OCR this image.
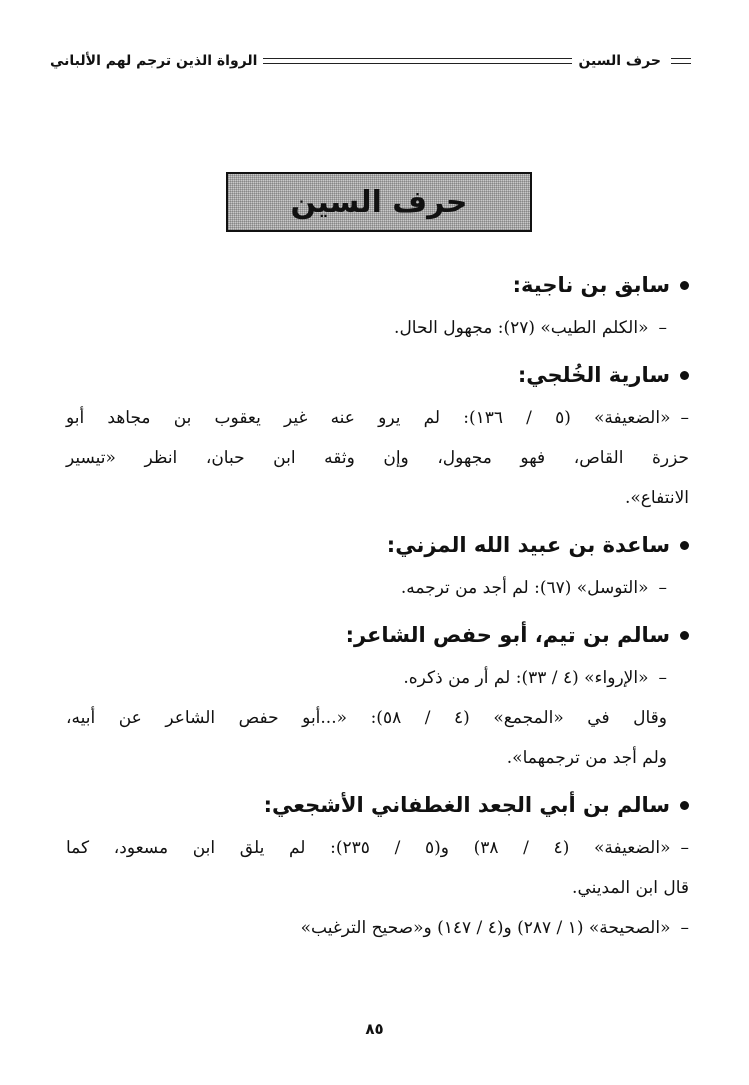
حرف السين
الرواة الذين ترجم لهم الألباني
حرف السين

سابق بن ناجية:

–«الكلم الطيب» (٢٧): مجهول الحال.

سارية الخُلجي:

–«الضعيفة» (٥ / ١٣٦): لم يرو عنه غير يعقوب بن مجاهد أبو

حزرة القاص، فهو مجهول، وإن وثقه ابن حبان، انظر «تيسير

الانتفاع».

ساعدة بن عبيد الله المزني:

–«التوسل» (٦٧): لم أجد من ترجمه.

سالم بن تيم، أبو حفص الشاعر:

–«الإرواء» (٤ / ٣٣): لم أر من ذكره.

وقال في «المجمع» (٤ / ٥٨): «...أبو حفص الشاعر عن أبيه،

ولم أجد من ترجمهما».

سالم بن أبي الجعد الغطفاني الأشجعي:

–«الضعيفة» (٤ / ٣٨) و(٥ / ٢٣٥): لم يلق ابن مسعود، كما

قال ابن المديني.

–«الصحيحة» (١ / ٢٨٧) و(٤ / ١٤٧) و«صحيح الترغيب»

٨٥
